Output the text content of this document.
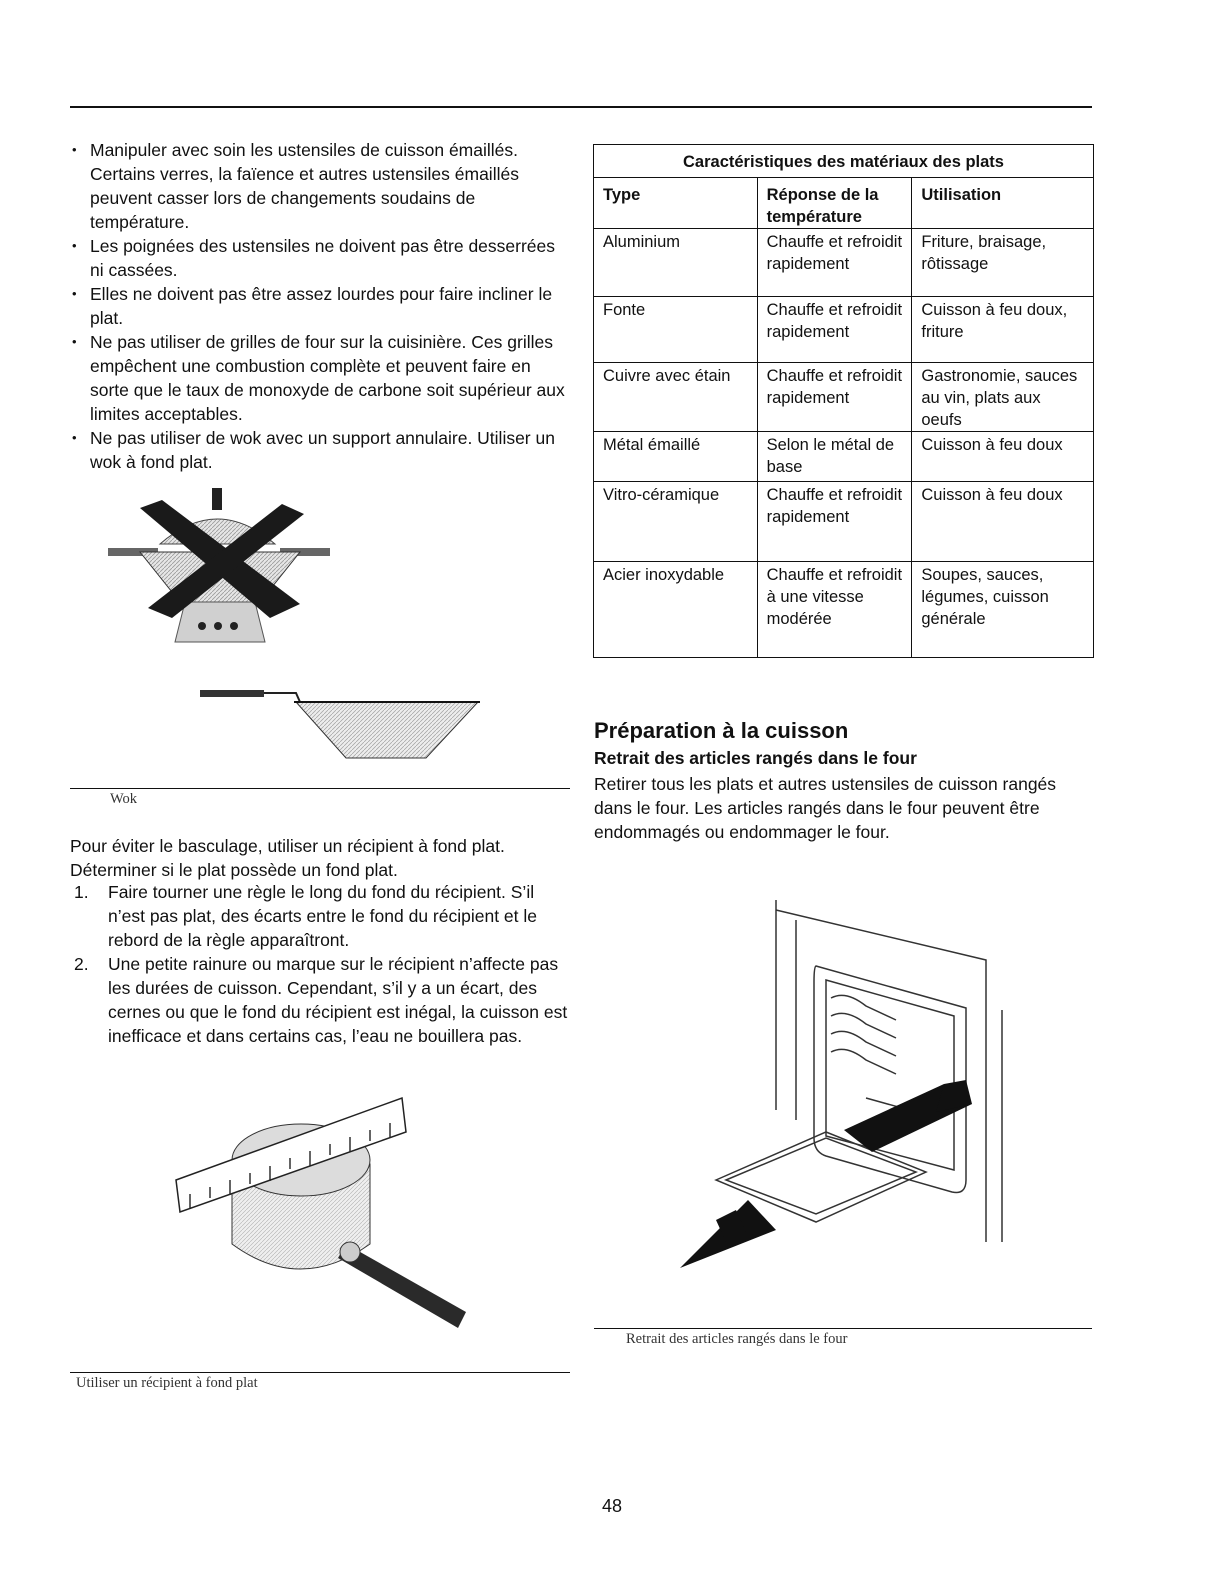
• Manipuler avec soin les ustensiles de cuisson émaillés. Certains verres, la faïence et autres ustensiles émaillés peuvent casser lors de changements soudains de température.
• Les poignées des ustensiles ne doivent pas être desserrées ni cassées.
• Elles ne doivent pas être assez lourdes pour faire incliner le plat.
• Ne pas utiliser de grilles de four sur la cuisinière. Ces grilles empêchent une combustion complète et peuvent faire en sorte que le taux de monoxyde de carbone soit supérieur aux limites acceptables.
• Ne pas utiliser de wok avec un support annulaire. Utiliser un wok à fond plat.
Wok

Pour éviter le basculage, utiliser un récipient à fond plat. Déterminer si le plat possède un fond plat.

1. Faire tourner une règle le long du fond du récipient. S’il n’est pas plat, des écarts entre le fond du récipient et le rebord de la règle apparaîtront.
2. Une petite rainure ou marque sur le récipient n’affecte pas les durées de cuisson. Cependant, s’il y a un écart, des cernes ou que le fond du récipient est inégal, la cuisson est inefficace et dans certains cas, l’eau ne bouillera pas.
Utiliser un récipient à fond plat
Caractéristiques des matériaux des plats		
Type	Réponse de la température	Utilisation
Aluminium	Chauffe et refroidit rapidement	Friture, braisage, rôtissage
Fonte	Chauffe et refroidit rapidement	Cuisson à feu doux, friture
Cuivre avec étain	Chauffe et refroidit rapidement	Gastronomie, sauces au vin, plats aux oeufs
Métal émaillé	Selon le métal de base	Cuisson à feu doux
Vitro-céramique	Chauffe et refroidit rapidement	Cuisson à feu doux
Acier inoxydable	Chauffe et refroidit à une vitesse modérée	Soupes, sauces, légumes, cuisson générale
Préparation à la cuisson
Retrait des articles rangés dans le four

Retirer tous les plats et autres ustensiles de cuisson rangés dans le four. Les articles rangés dans le four peuvent être endommagés ou endommager le four.

Retrait des articles rangés dans le four
48
